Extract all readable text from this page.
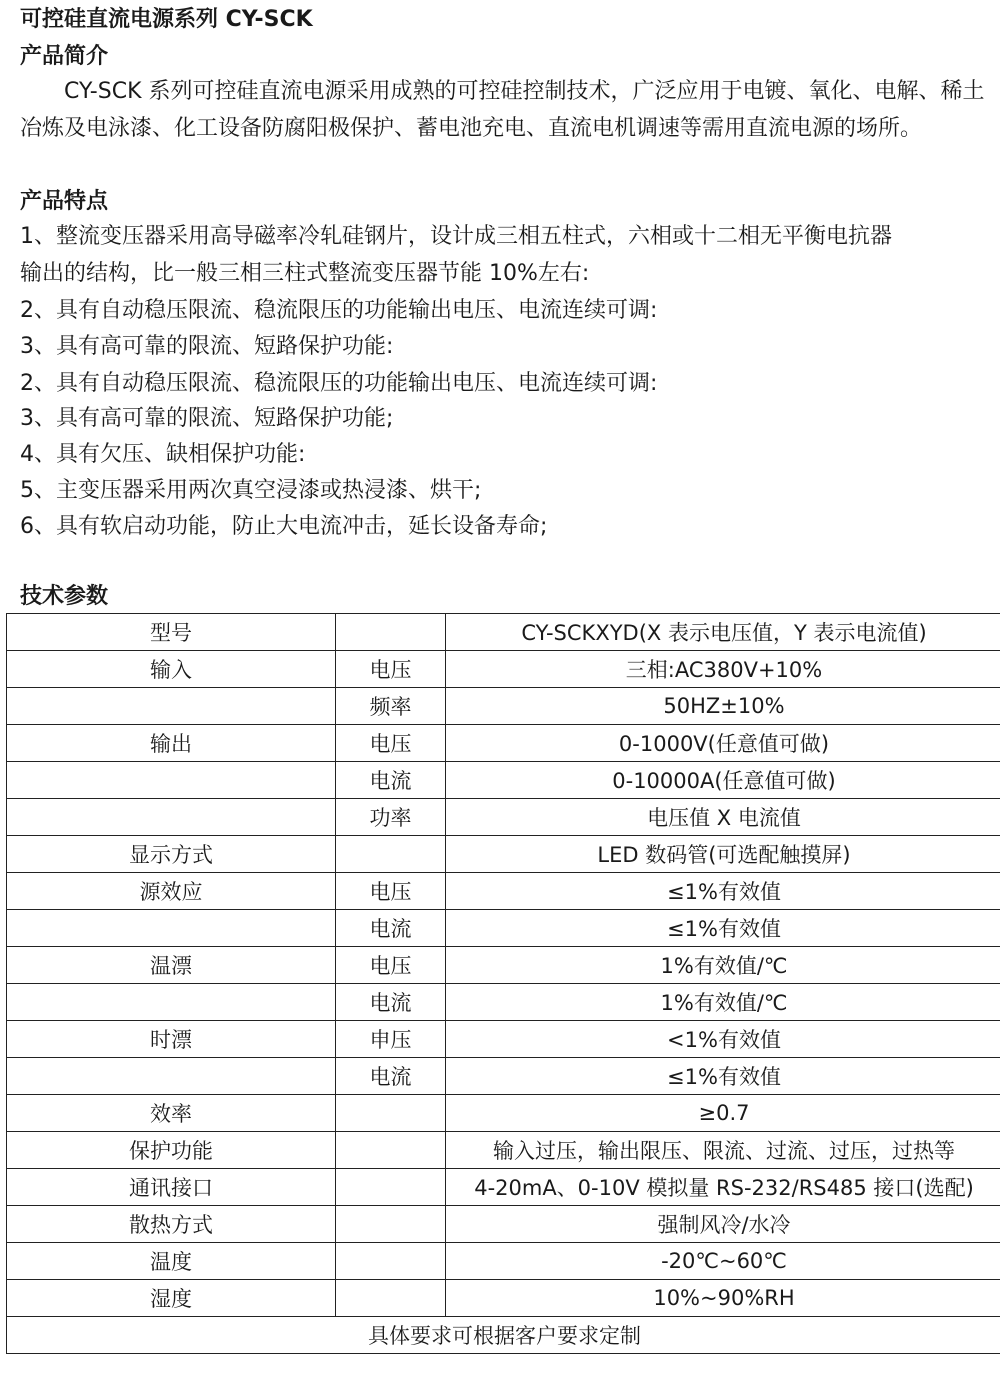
可控硅直流电源系列 CY-SCK
产品简介
CY-SCK 系列可控硅直流电源采用成熟的可控硅控制技术，广泛应用于电镀、氧化、电解、稀土冶炼及电泳漆、化工设备防腐阳极保护、蓄电池充电、直流电机调速等需用直流电源的场所。
产品特点
1、整流变压器采用高导磁率冷轧硅钢片，设计成三相五柱式，六相或十二相无平衡电抗器
输出的结构，比一般三相三柱式整流变压器节能 10%左右:
2、具有自动稳压限流、稳流限压的功能输出电压、电流连续可调:
3、具有高可靠的限流、短路保护功能:
2、具有自动稳压限流、稳流限压的功能输出电压、电流连续可调:
3、具有高可靠的限流、短路保护功能;
4、具有欠压、缺相保护功能:
5、主变压器采用两次真空浸漆或热浸漆、烘干;
6、具有软启动功能，防止大电流冲击，延长设备寿命;
技术参数
型号		CY-SCKXYD(X 表示电压值，Y 表示电流值)
输入	电压	三相:AC380V+10%
	频率	50HZ±10%
输出	电压	0-1000V(任意值可做)
	电流	0-10000A(任意值可做)
	功率	电压值 X 电流值
显示方式		LED 数码管(可选配触摸屏)
源效应	电压	≤1%有效值
	电流	≤1%有效值
温漂	电压	1%有效值/℃
	电流	1%有效值/℃
时漂	申压	<1%有效值
	电流	≤1%有效值
效率		≥0.7
保护功能		输入过压，输出限压、限流、过流、过压，过热等
通讯接口		4-20mA、0-10V 模拟量 RS-232/RS485 接口(选配)
散热方式		强制风冷/水冷
温度		-20℃~60℃
湿度		10%~90%RH
具体要求可根据客户要求定制		
